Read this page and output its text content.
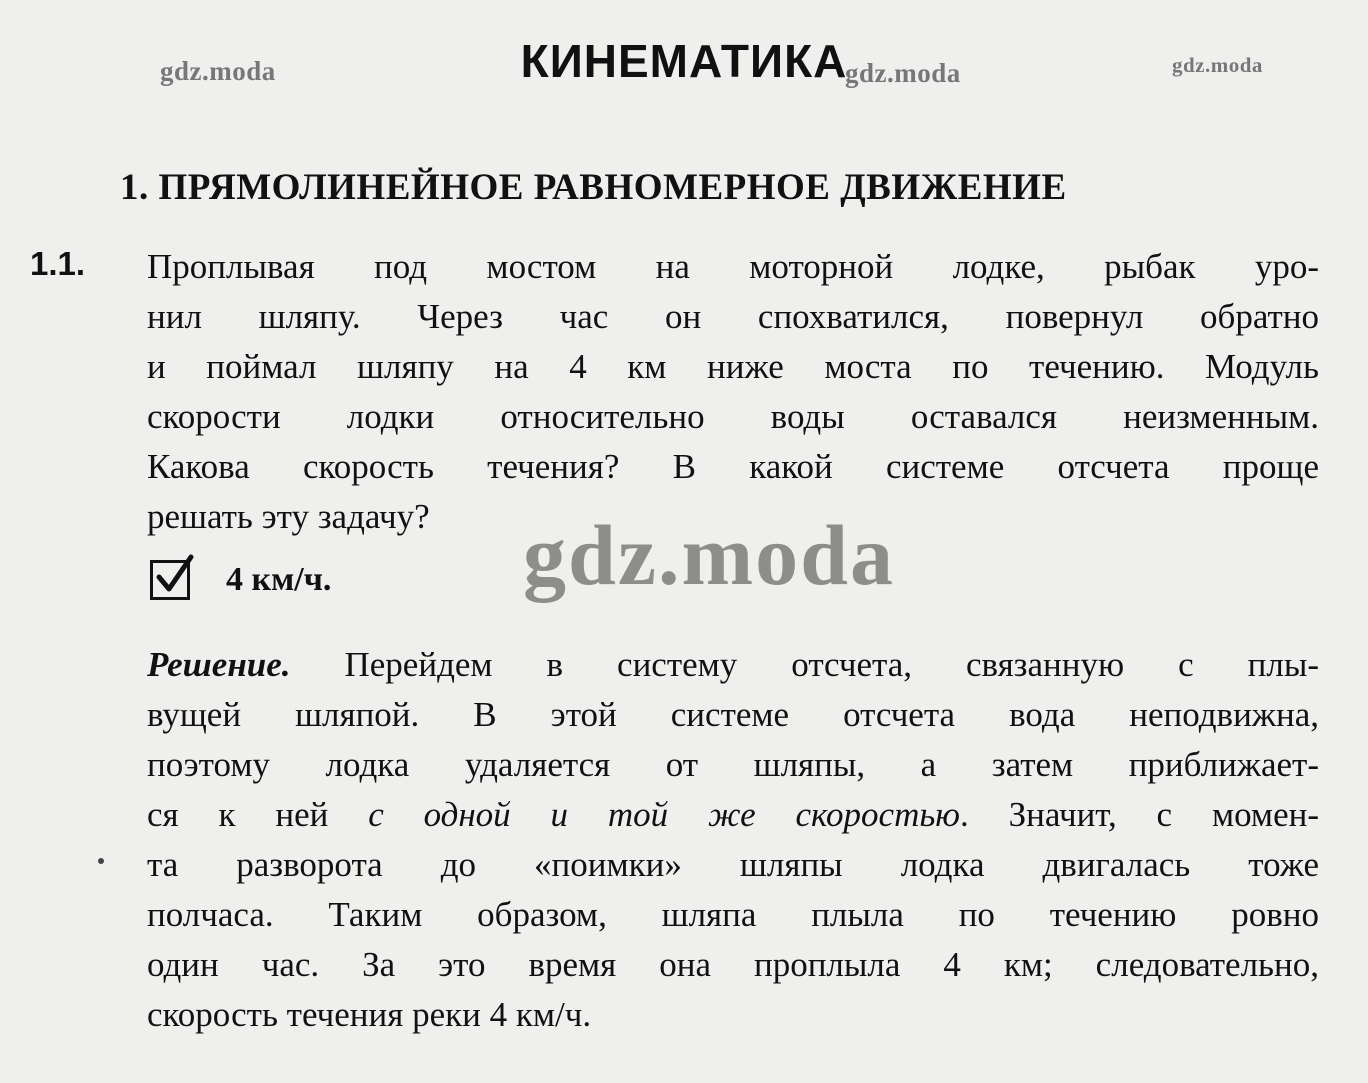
КИНЕМАТИКА
gdz.moda	gdz.moda	gdz.moda
1. ПРЯМОЛИНЕЙНОЕ РАВНОМЕРНОЕ ДВИЖЕНИЕ
1.1. Проплывая под мостом на моторной лодке, рыбак уро-
нил шляпу. Через час он спохватился, повернул обратно
и поймал шляпу на 4 км ниже моста по течению. Модуль
скорости лодки относительно воды оставался неизменным.
Какова скорость течения? В какой системе отсчета проще
решать эту задачу?
4 км/ч. gdz.moda
Решение. Перейдем в систему отсчета, связанную с плы-
вущей шляпой. В этой системе отсчета вода неподвижна,
поэтому лодка удаляется от шляпы, а затем приближает-
ся к ней с одной и той же скоростью. Значит, с момен-
та разворота до «поимки» шляпы лодка двигалась тоже
полчаса. Таким образом, шляпа плыла по течению ровно
один час. За это время она проплыла 4 км; следовательно,
скорость течения реки 4 км/ч.
